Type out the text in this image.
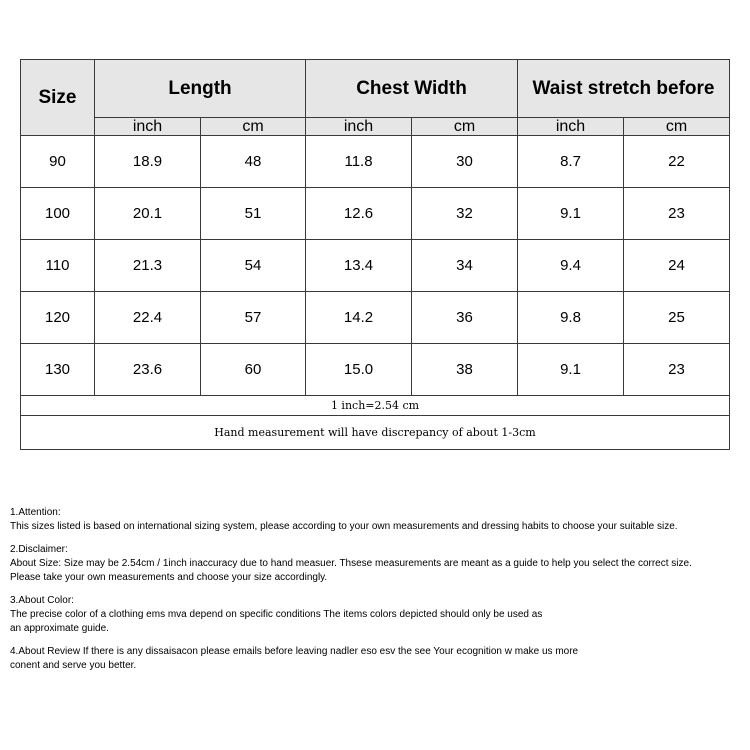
Size	Length		Chest Width		Waist stretch before	
	inch	cm	inch	cm	inch	cm
90	18.9	48	11.8	30	8.7	22
100	20.1	51	12.6	32	9.1	23
110	21.3	54	13.4	34	9.4	24
120	22.4	57	14.2	36	9.8	25
130	23.6	60	15.0	38	9.1	23
1 inch=2.54 cm						
Hand measurement will have discrepancy of about 1-3cm						
1.Attention:
This sizes listed is based on international sizing system, please according to your own measurements and dressing habits to choose your suitable size.
2.Disclaimer:
About Size: Size may be 2.54cm / 1inch inaccuracy due to hand measuer. Thsese measurements are meant as a guide to help you select the correct size.
Please take your own measurements and choose your size accordingly.
3.About Color:
The precise color of a clothing ems mva depend on specific conditions The items colors depicted should only be used as
an approximate guide.
4.About Review If there is any dissaisacon please emails before leaving nadler eso esv the see Your ecognition w make us more
conent and serve you better.
